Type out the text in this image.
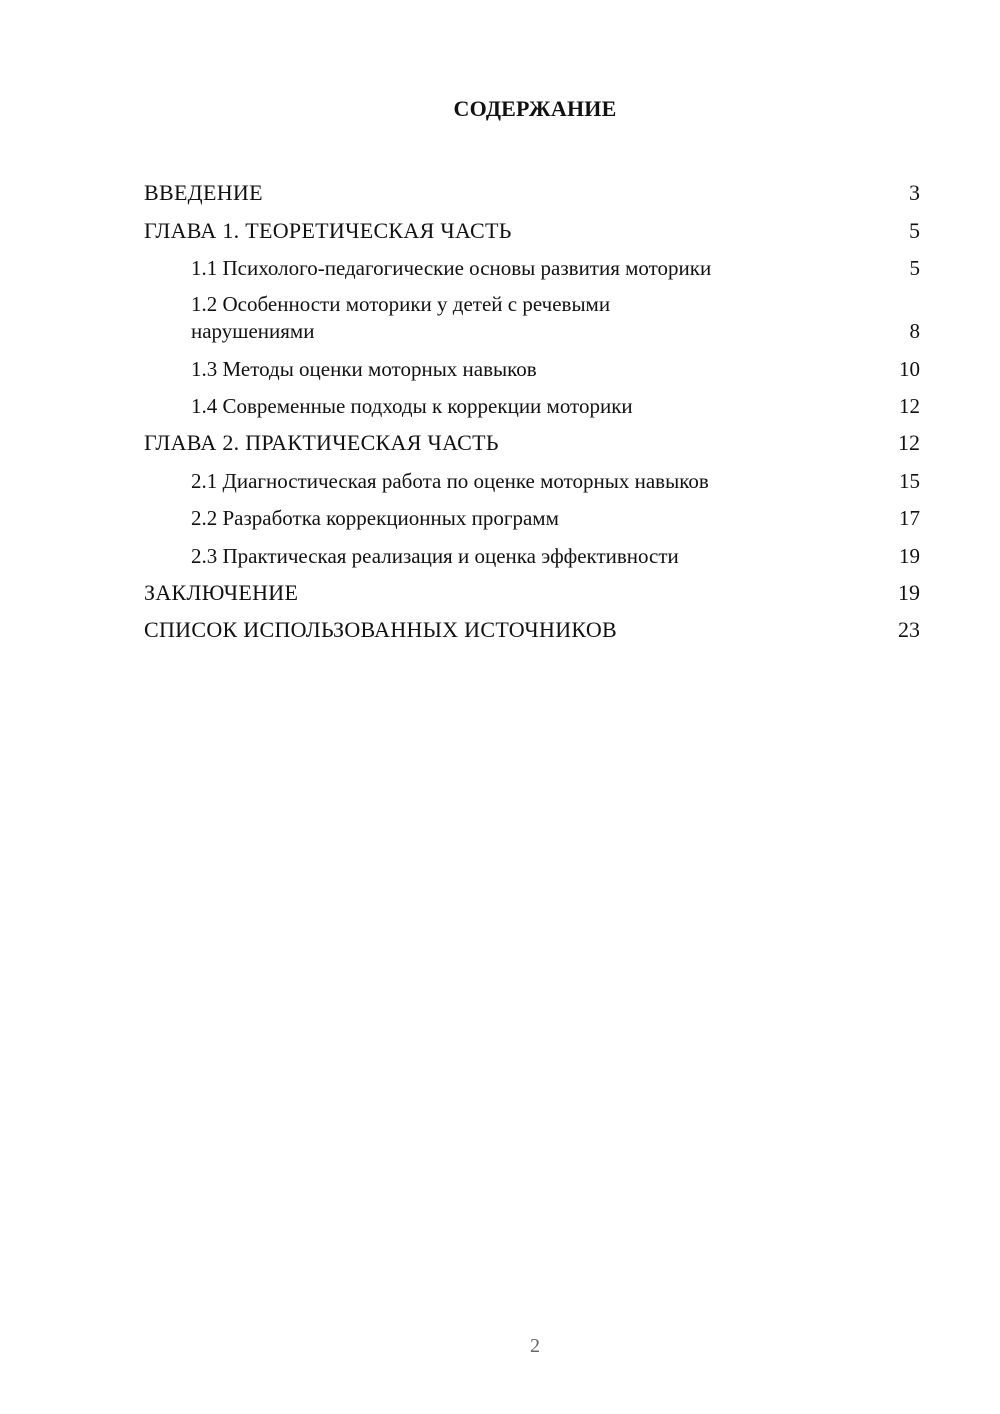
СОДЕРЖАНИЕ
ВВЕДЕНИЕ	3
ГЛАВА 1. ТЕОРЕТИЧЕСКАЯ ЧАСТЬ	5
1.1 Психолого-педагогические основы развития моторики	5
1.2 Особенности моторики у детей с речевыми нарушениями	8
1.3 Методы оценки моторных навыков	10
1.4 Современные подходы к коррекции моторики	12
ГЛАВА 2. ПРАКТИЧЕСКАЯ ЧАСТЬ	12
2.1 Диагностическая работа по оценке моторных навыков	15
2.2 Разработка коррекционных программ	17
2.3 Практическая реализация и оценка эффективности	19
ЗАКЛЮЧЕНИЕ	19
СПИСОК ИСПОЛЬЗОВАННЫХ ИСТОЧНИКОВ	23
2
